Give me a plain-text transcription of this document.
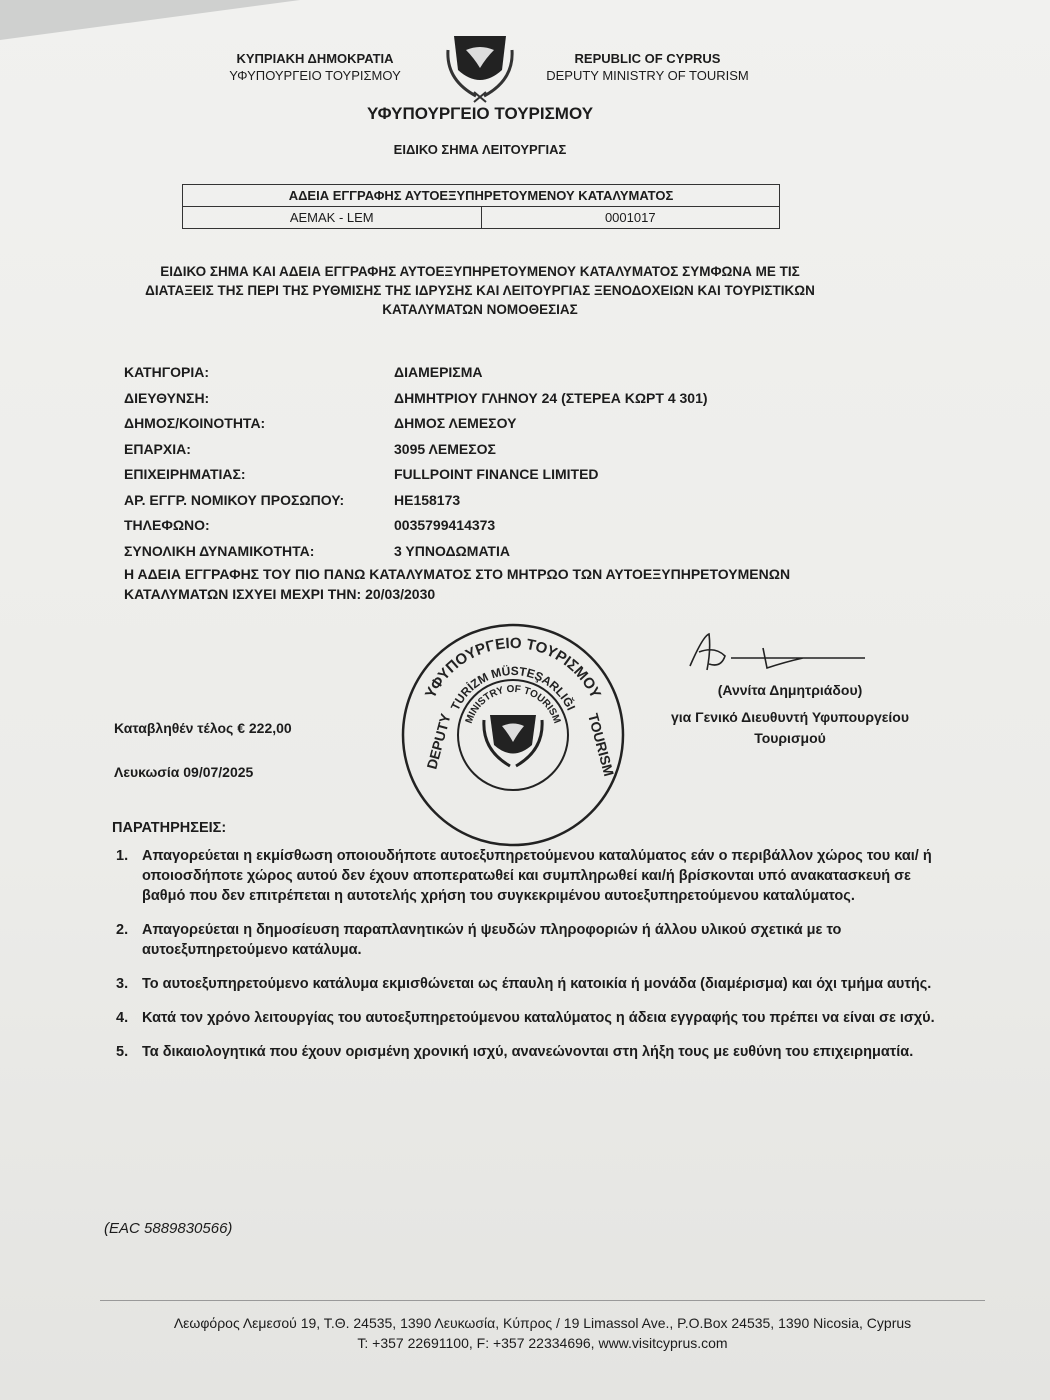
ΚΥΠΡΙΑΚΗ ΔΗΜΟΚΡΑΤΙΑ
ΥΦΥΠΟΥΡΓΕΙΟ ΤΟΥΡΙΣΜΟΥ
REPUBLIC OF CYPRUS
DEPUTY MINISTRY OF TOURISM
ΥΦΥΠΟΥΡΓΕΙΟ ΤΟΥΡΙΣΜΟΥ
ΕΙΔΙΚΟ ΣΗΜΑ ΛΕΙΤΟΥΡΓΙΑΣ
ΑΔΕΙΑ ΕΓΓΡΑΦΗΣ ΑΥΤΟΕΞΥΠΗΡΕΤΟΥΜΕΝΟΥ ΚΑΤΑΛΥΜΑΤΟΣ
ΑΕΜΑΚ - LEM	0001017
ΕΙΔΙΚΟ ΣΗΜΑ ΚΑΙ ΑΔΕΙΑ ΕΓΓΡΑΦΗΣ ΑΥΤΟΕΞΥΠΗΡΕΤΟΥΜΕΝΟΥ ΚΑΤΑΛΥΜΑΤΟΣ ΣΥΜΦΩΝΑ ΜΕ ΤΙΣ ΔΙΑΤΑΞΕΙΣ ΤΗΣ ΠΕΡΙ ΤΗΣ ΡΥΘΜΙΣΗΣ ΤΗΣ ΙΔΡΥΣΗΣ ΚΑΙ ΛΕΙΤΟΥΡΓΙΑΣ ΞΕΝΟΔΟΧΕΙΩΝ ΚΑΙ ΤΟΥΡΙΣΤΙΚΩΝ ΚΑΤΑΛΥΜΑΤΩΝ ΝΟΜΟΘΕΣΙΑΣ
ΚΑΤΗΓΟΡΙΑ:	ΔΙΑΜΕΡΙΣΜΑ
ΔΙΕΥΘΥΝΣΗ:	ΔΗΜΗΤΡΙΟΥ ΓΛΗΝΟΥ 24 (ΣΤΕΡΕΑ ΚΩΡΤ 4 301)
ΔΗΜΟΣ/ΚΟΙΝΟΤΗΤΑ:	ΔΗΜΟΣ ΛΕΜΕΣΟΥ
ΕΠΑΡΧΙΑ:	3095 ΛΕΜΕΣΟΣ
ΕΠΙΧΕΙΡΗΜΑΤΙΑΣ:	FULLPOINT FINANCE LIMITED
ΑΡ. ΕΓΓΡ. ΝΟΜΙΚΟΥ ΠΡΟΣΩΠΟΥ:	HE158173
ΤΗΛΕΦΩΝΟ:	0035799414373
ΣΥΝΟΛΙΚΗ ΔΥΝΑΜΙΚΟΤΗΤΑ:	3 ΥΠΝΟΔΩΜΑΤΙΑ
Η ΑΔΕΙΑ ΕΓΓΡΑΦΗΣ ΤΟΥ ΠΙΟ ΠΑΝΩ ΚΑΤΑΛΥΜΑΤΟΣ ΣΤΟ ΜΗΤΡΩΟ ΤΩΝ ΑΥΤΟΕΞΥΠΗΡΕΤΟΥΜΕΝΩΝ
ΚΑΤΑΛΥΜΑΤΩΝ ΙΣΧΥΕΙ ΜΕΧΡΙ ΤΗΝ: 20/03/2030
ΥΦΥΠΟΥΡΓΕΙΟ ΤΟΥΡΙΣΜΟΥ
TURİZM MÜSTEŞARLIĞI
MINISTRY OF TOURISM
DEPUTY	TOURISM
(Αννίτα Δημητριάδου)
για Γενικό Διευθυντή Υφυπουργείου
Τουρισμού
Καταβληθέν τέλος € 222,00
Λευκωσία 09/07/2025
ΠΑΡΑΤΗΡΗΣΕΙΣ:
1. Απαγορεύεται η εκμίσθωση οποιουδήποτε αυτοεξυπηρετούμενου καταλύματος εάν ο περιβάλλον χώρος του και/ ή οποιοσδήποτε χώρος αυτού δεν έχουν αποπερατωθεί και συμπληρωθεί και/ή βρίσκονται υπό ανακατασκευή σε βαθμό που δεν επιτρέπεται η αυτοτελής χρήση του συγκεκριμένου αυτοεξυπηρετούμενου καταλύματος.
2. Απαγορεύεται η δημοσίευση παραπλανητικών ή ψευδών πληροφοριών ή άλλου υλικού σχετικά με το αυτοεξυπηρετούμενο κατάλυμα.
3. Το αυτοεξυπηρετούμενο κατάλυμα εκμισθώνεται ως έπαυλη ή κατοικία ή μονάδα (διαμέρισμα) και όχι τμήμα αυτής.
4. Κατά τον χρόνο λειτουργίας του αυτοεξυπηρετούμενου καταλύματος η άδεια εγγραφής του πρέπει να είναι σε ισχύ.
5. Τα δικαιολογητικά που έχουν ορισμένη χρονική ισχύ, ανανεώνονται στη λήξη τους με ευθύνη του επιχειρηματία.
(EAC 5889830566)
Λεωφόρος Λεμεσού 19, Τ.Θ. 24535, 1390 Λευκωσία, Κύπρος / 19 Limassol Ave., P.O.Box 24535, 1390 Nicosia, Cyprus
T: +357 22691100, F: +357 22334696, www.visitcyprus.com
